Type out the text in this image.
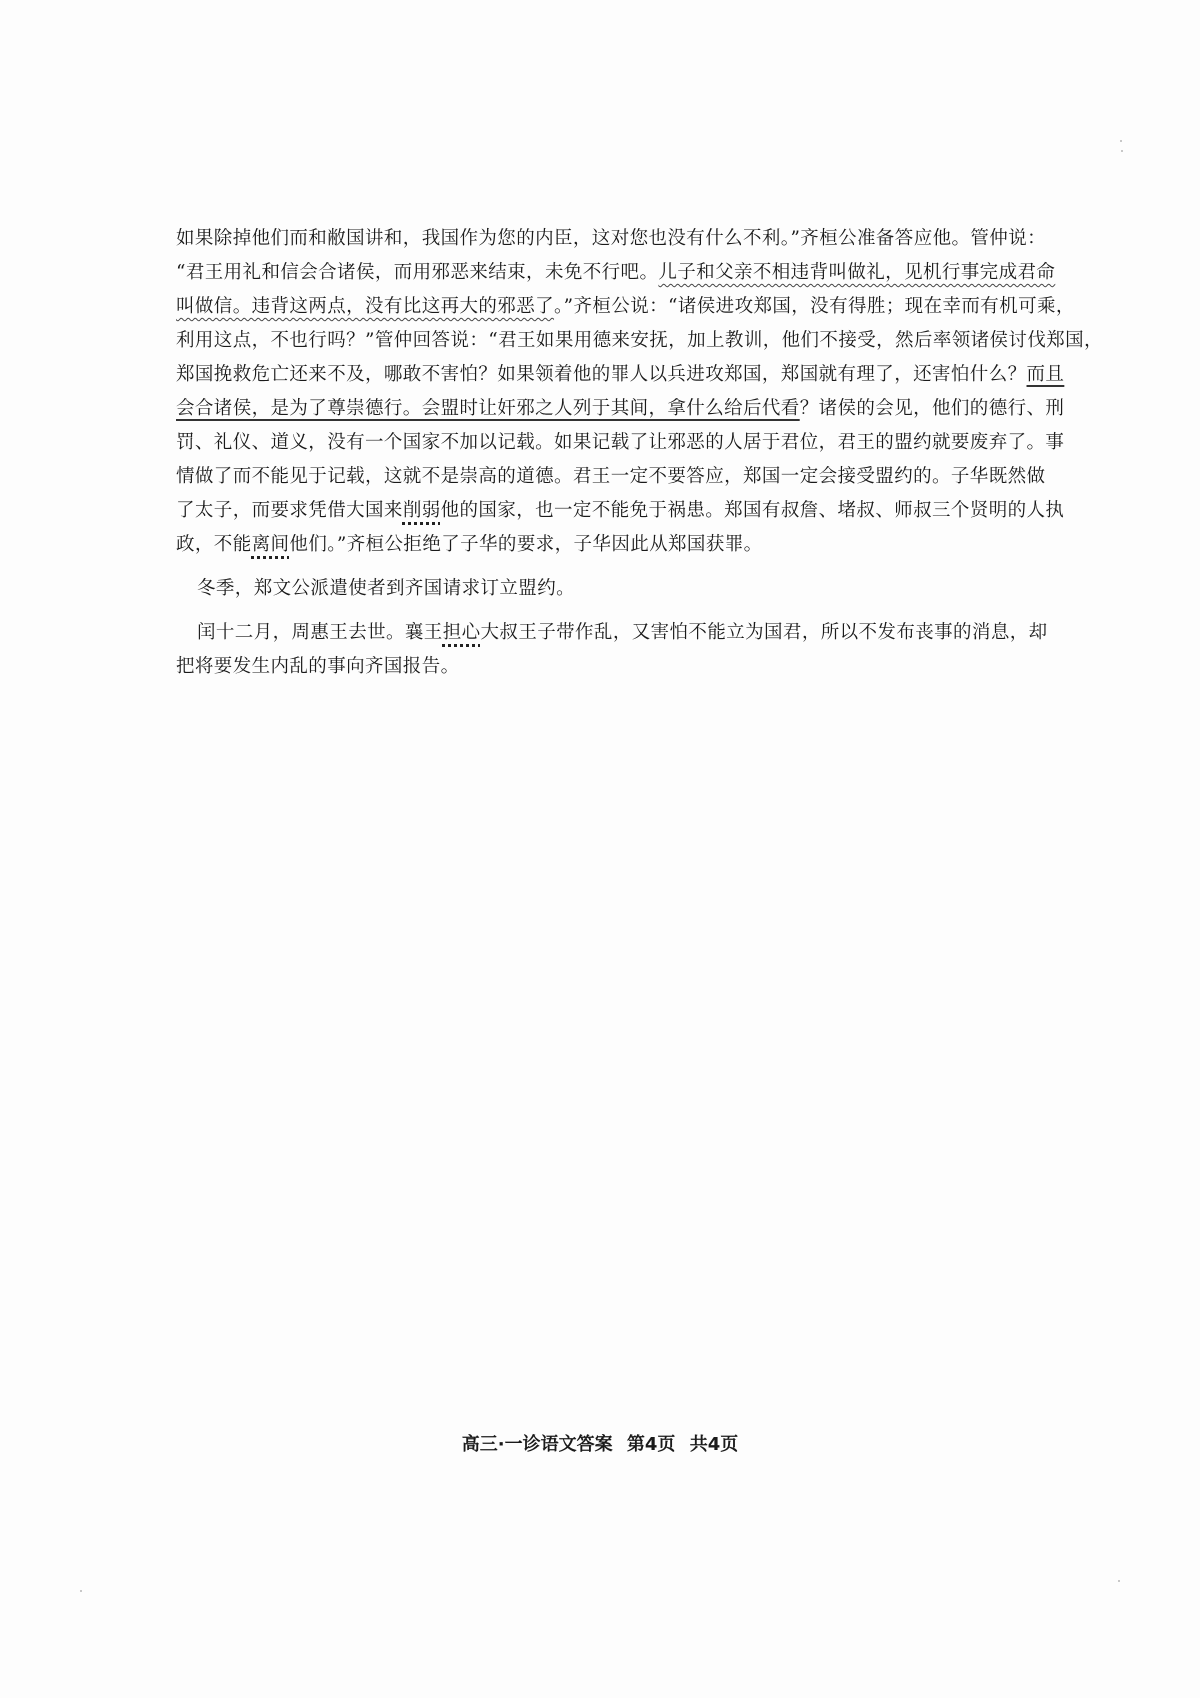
如果除掉他们而和敝国讲和，我国作为您的内臣，这对您也没有什么不利。”齐桓公准备答应他。管仲说：
“君王用礼和信会合诸侯，而用邪恶来结束，未免不行吧。儿子和父亲不相违背叫做礼，见机行事完成君命
叫做信。违背这两点，没有比这再大的邪恶了。”齐桓公说：“诸侯进攻郑国，没有得胜；现在幸而有机可乘，
利用这点，不也行吗？”管仲回答说：“君王如果用德来安抚，加上教训，他们不接受，然后率领诸侯讨伐郑国，
郑国挽救危亡还来不及，哪敢不害怕？如果领着他的罪人以兵进攻郑国，郑国就有理了，还害怕什么？而且
会合诸侯，是为了尊崇德行。会盟时让奸邪之人列于其间，拿什么给后代看？诸侯的会见，他们的德行、刑
罚、礼仪、道义，没有一个国家不加以记载。如果记载了让邪恶的人居于君位，君王的盟约就要废弃了。事
情做了而不能见于记载，这就不是崇高的道德。君王一定不要答应，郑国一定会接受盟约的。子华既然做
了太子，而要求凭借大国来削弱他的国家，也一定不能免于祸患。郑国有叔詹、堵叔、师叔三个贤明的人执
政，不能离间他们。”齐桓公拒绝了子华的要求，子华因此从郑国获罪。
冬季，郑文公派遣使者到齐国请求订立盟约。
闰十二月，周惠王去世。襄王担心大叔王子带作乱，又害怕不能立为国君，所以不发布丧事的消息，却
把将要发生内乱的事向齐国报告。
高三·一诊语文答案 第4页 共4页
